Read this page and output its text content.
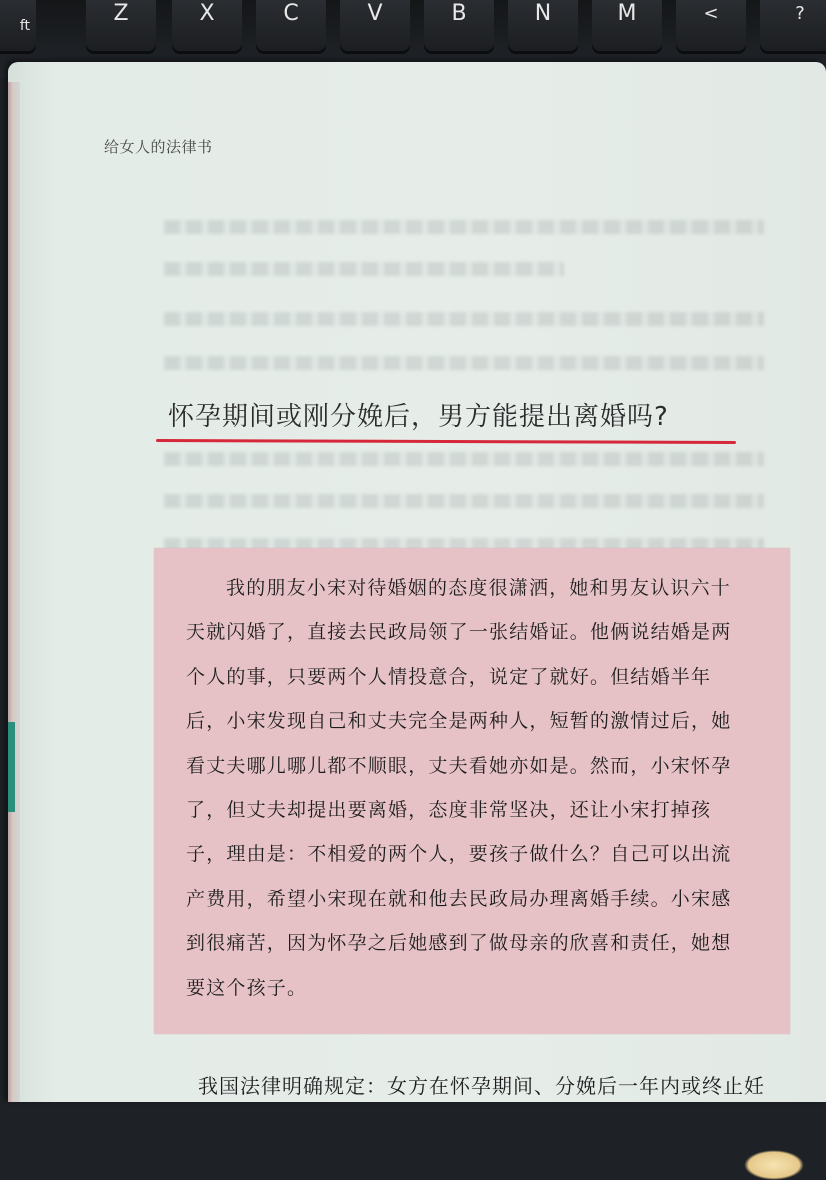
ft	Z	X	C	V	B	N	M	<	?
给女人的法律书
怀孕期间或刚分娩后，男方能提出离婚吗?

我的朋友小宋对待婚姻的态度很潇洒，她和男友认识六十

天就闪婚了，直接去民政局领了一张结婚证。他俩说结婚是两

个人的事，只要两个人情投意合，说定了就好。但结婚半年

后，小宋发现自己和丈夫完全是两种人，短暂的激情过后，她

看丈夫哪儿哪儿都不顺眼，丈夫看她亦如是。然而，小宋怀孕

了，但丈夫却提出要离婚，态度非常坚决，还让小宋打掉孩

子，理由是：不相爱的两个人，要孩子做什么？自己可以出流

产费用，希望小宋现在就和他去民政局办理离婚手续。小宋感

到很痛苦，因为怀孕之后她感到了做母亲的欣喜和责任，她想

要这个孩子。

我国法律明确规定：女方在怀孕期间、分娩后一年内或终止妊
